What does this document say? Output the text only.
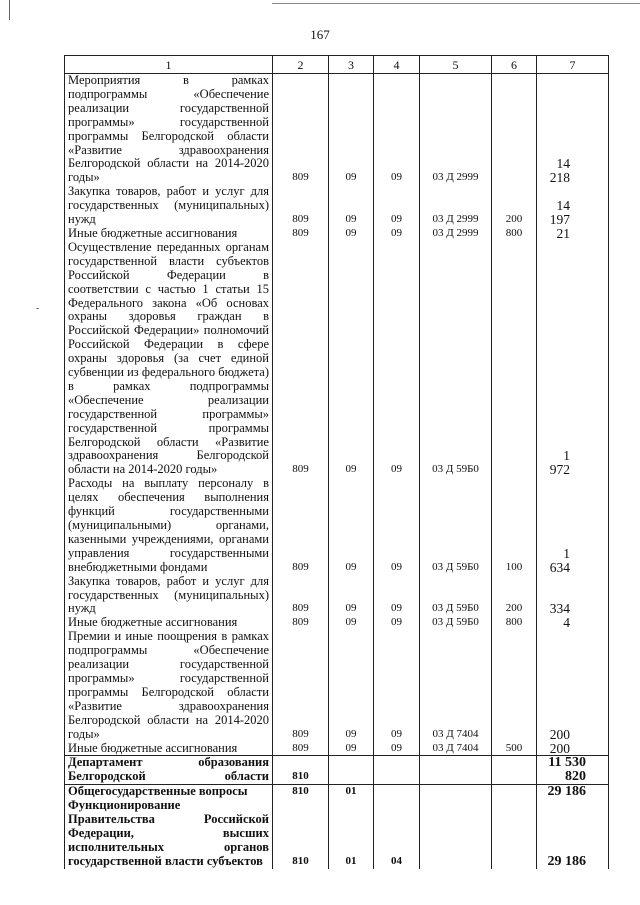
167
-
1	2	3	4	5	6	7
Мероприятия в рамках подпрограммы «Обеспечение реализации государственной программы» государственной программы Белгородской области «Развитие здравоохранения Белгородской области на 2014-2020 годы»	809	09	09	03 Д 2999		14 218
Закупка товаров, работ и услуг для государственных (муниципальных) нужд	809	09	09	03 Д 2999	200	14 197
Иные бюджетные ассигнования	809	09	09	03 Д 2999	800	21
Осуществление переданных органам государственной власти субъектов Российской Федерации в соответствии с частью 1 статьи 15 Федерального закона «Об основах охраны здоровья граждан в Российской Федерации» полномочий Российской Федерации в сфере охраны здоровья (за счет единой субвенции из федерального бюджета) в рамках подпрограммы «Обеспечение реализации государственной программы» государственной программы Белгородской области «Развитие здравоохранения Белгородской области на 2014-2020 годы»	809	09	09	03 Д 59Б0		1 972
Расходы на выплату персоналу в целях обеспечения выполнения функций государственными (муниципальными) органами, казенными учреждениями, органами управления государственными внебюджетными фондами	809	09	09	03 Д 59Б0	100	1 634
Закупка товаров, работ и услуг для государственных (муниципальных) нужд	809	09	09	03 Д 59Б0	200	334
Иные бюджетные ассигнования	809	09	09	03 Д 59Б0	800	4
Премии и иные поощрения в рамках подпрограммы «Обеспечение реализации государственной программы» государственной программы Белгородской области «Развитие здравоохранения Белгородской области на 2014-2020 годы»	809	09	09	03 Д 7404		200
Иные бюджетные ассигнования	809	09	09	03 Д 7404	500	200
Департамент образования Белгородской области	810					11 530 820
Общегосударственные вопросы	810	01				29 186
Функционирование Правительства Российской Федерации, высших исполнительных органов государственной власти субъектов	810	01	04			29 186
